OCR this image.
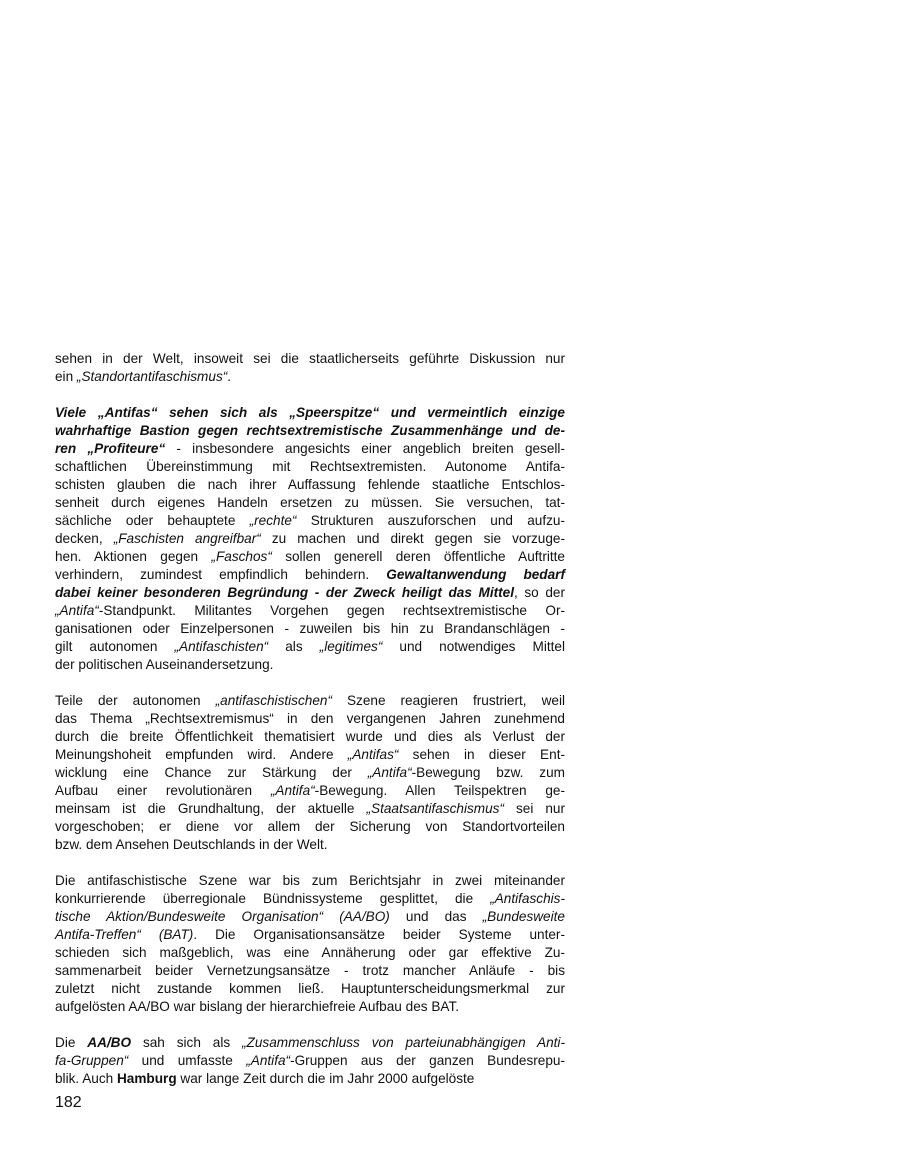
sehen in der Welt, insoweit sei die staatlicherseits geführte Diskussion nur
ein „Standortantifaschismus“.

Viele „Antifas“ sehen sich als „Speerspitze“ und vermeintlich einzige
wahrhaftige Bastion gegen rechtsextremistische Zusammenhänge und de-
ren „Profiteure“ - insbesondere angesichts einer angeblich breiten gesell-
schaftlichen Übereinstimmung mit Rechtsextremisten. Autonome Antifa-
schisten glauben die nach ihrer Auffassung fehlende staatliche Entschlos-
senheit durch eigenes Handeln ersetzen zu müssen. Sie versuchen, tat-
sächliche oder behauptete „rechte“ Strukturen auszuforschen und aufzu-
decken, „Faschisten angreifbar“ zu machen und direkt gegen sie vorzuge-
hen. Aktionen gegen „Faschos“ sollen generell deren öffentliche Auftritte
verhindern, zumindest empfindlich behindern. Gewaltanwendung bedarf
dabei keiner besonderen Begründung - der Zweck heiligt das Mittel, so der
„Antifa“-Standpunkt. Militantes Vorgehen gegen rechtsextremistische Or-
ganisationen oder Einzelpersonen - zuweilen bis hin zu Brandanschlägen -
gilt autonomen „Antifaschisten“ als „legitimes“ und notwendiges Mittel
der politischen Auseinandersetzung.

Teile der autonomen „antifaschistischen“ Szene reagieren frustriert, weil
das Thema „Rechtsextremismus“ in den vergangenen Jahren zunehmend
durch die breite Öffentlichkeit thematisiert wurde und dies als Verlust der
Meinungshoheit empfunden wird. Andere „Antifas“ sehen in dieser Ent-
wicklung eine Chance zur Stärkung der „Antifa“-Bewegung bzw. zum
Aufbau einer revolutionären „Antifa“-Bewegung. Allen Teilspektren ge-
meinsam ist die Grundhaltung, der aktuelle „Staatsantifaschismus“ sei nur
vorgeschoben; er diene vor allem der Sicherung von Standortvorteilen
bzw. dem Ansehen Deutschlands in der Welt.

Die antifaschistische Szene war bis zum Berichtsjahr in zwei miteinander
konkurrierende überregionale Bündnissysteme gesplittet, die „Antifaschis-
tische Aktion/Bundesweite Organisation“ (AA/BO) und das „Bundesweite
Antifa-Treffen“ (BAT). Die Organisationsansätze beider Systeme unter-
schieden sich maßgeblich, was eine Annäherung oder gar effektive Zu-
sammenarbeit beider Vernetzungsansätze - trotz mancher Anläufe - bis
zuletzt nicht zustande kommen ließ. Hauptunterscheidungsmerkmal zur
aufgelösten AA/BO war bislang der hierarchiefreie Aufbau des BAT.

Die AA/BO sah sich als „Zusammenschluss von parteiunabhängigen Anti-
fa-Gruppen“ und umfasste „Antifa“-Gruppen aus der ganzen Bundesrepu-
blik. Auch Hamburg war lange Zeit durch die im Jahr 2000 aufgelöste

182
